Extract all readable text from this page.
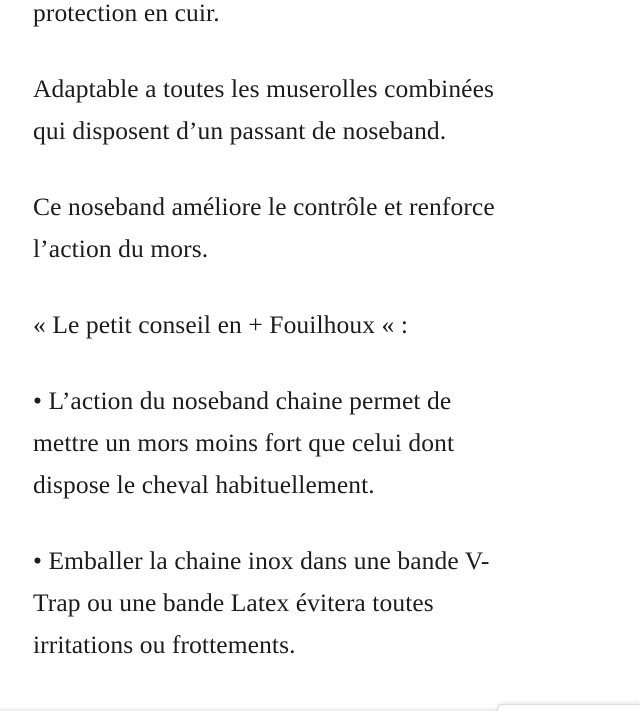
protection en cuir.

Adaptable a toutes les muserolles combinées
qui disposent d’un passant de noseband.

Ce noseband améliore le contrôle et renforce
l’action du mors.

« Le petit conseil en + Fouilhoux « :

• L’action du noseband chaine permet de
mettre un mors moins fort que celui dont
dispose le cheval habituellement.

• Emballer la chaine inox dans une bande V-
Trap ou une bande Latex évitera toutes
irritations ou frottements.
